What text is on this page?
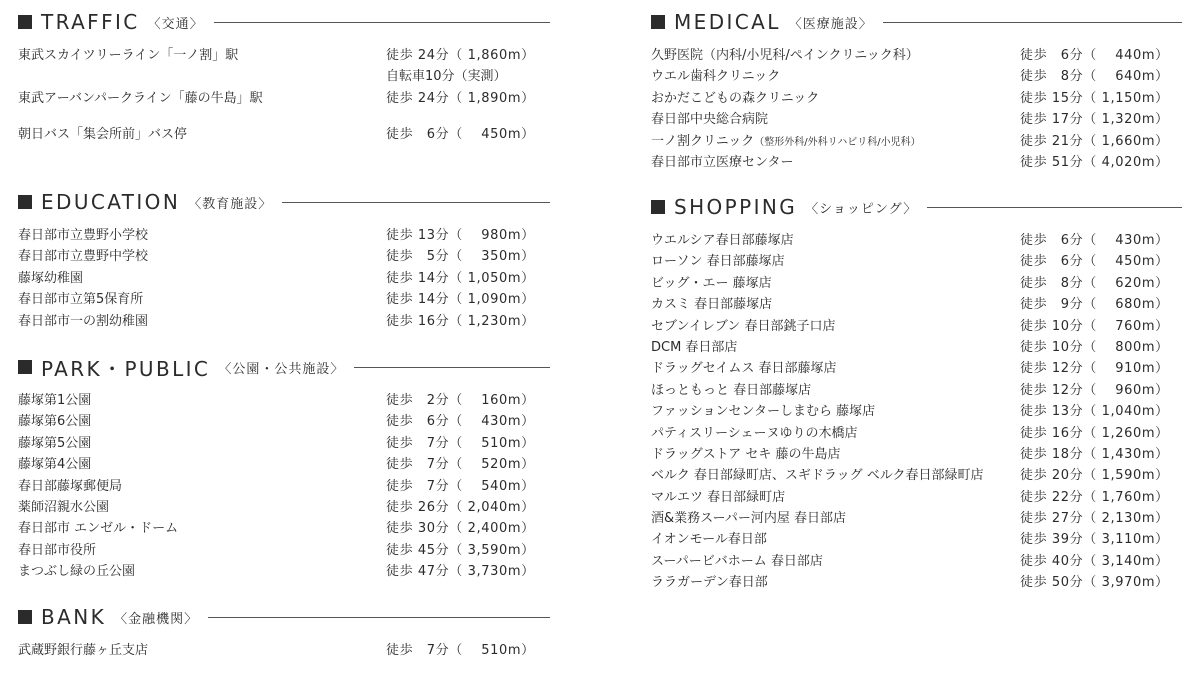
TRAFFIC 〈交通〉
東武スカイツリーライン「一ノ割」駅	徒歩 24分（ 1,860m）
自転車10分（実測）
東武アーバンパークライン「藤の牛島」駅	徒歩 24分（ 1,890m）
朝日バス「集会所前」バス停	徒歩　6分（　 450m）
EDUCATION 〈教育施設〉
春日部市立豊野小学校	徒歩 13分（　 980m）
春日部市立豊野中学校	徒歩　5分（　 350m）
藤塚幼稚園	徒歩 14分（ 1,050m）
春日部市立第5保育所	徒歩 14分（ 1,090m）
春日部市一の割幼稚園	徒歩 16分（ 1,230m）
PARK・PUBLIC 〈公園・公共施設〉
藤塚第1公園	徒歩　2分（　 160m）
藤塚第6公園	徒歩　6分（　 430m）
藤塚第5公園	徒歩　7分（　 510m）
藤塚第4公園	徒歩　7分（　 520m）
春日部藤塚郵便局	徒歩　7分（　 540m）
薬師沼親水公園	徒歩 26分（ 2,040m）
春日部市 エンゼル・ドーム	徒歩 30分（ 2,400m）
春日部市役所	徒歩 45分（ 3,590m）
まつぶし緑の丘公園	徒歩 47分（ 3,730m）
BANK 〈金融機関〉
武蔵野銀行藤ヶ丘支店	徒歩　7分（　 510m）
MEDICAL 〈医療施設〉
久野医院（内科/小児科/ペインクリニック科）	徒歩　6分（　 440m）
ウエル歯科クリニック	徒歩　8分（　 640m）
おかだこどもの森クリニック	徒歩 15分（ 1,150m）
春日部中央総合病院	徒歩 17分（ 1,320m）
一ノ割クリニック（整形外科/外科リハビリ科/小児科）	徒歩 21分（ 1,660m）
春日部市立医療センター	徒歩 51分（ 4,020m）
SHOPPING 〈ショッピング〉
ウエルシア春日部藤塚店	徒歩　6分（　 430m）
ローソン 春日部藤塚店	徒歩　6分（　 450m）
ビッグ・エー 藤塚店	徒歩　8分（　 620m）
カスミ 春日部藤塚店	徒歩　9分（　 680m）
セブンイレブン 春日部銚子口店	徒歩 10分（　 760m）
DCM 春日部店	徒歩 10分（　 800m）
ドラッグセイムス 春日部藤塚店	徒歩 12分（　 910m）
ほっともっと 春日部藤塚店	徒歩 12分（　 960m）
ファッションセンターしまむら 藤塚店	徒歩 13分（ 1,040m）
パティスリーシェーヌゆりの木橋店	徒歩 16分（ 1,260m）
ドラッグストア セキ 藤の牛島店	徒歩 18分（ 1,430m）
ベルク 春日部緑町店、スギドラッグ ベルク春日部緑町店	徒歩 20分（ 1,590m）
マルエツ 春日部緑町店	徒歩 22分（ 1,760m）
酒&業務スーパー河内屋 春日部店	徒歩 27分（ 2,130m）
イオンモール春日部	徒歩 39分（ 3,110m）
スーパービバホーム 春日部店	徒歩 40分（ 3,140m）
ララガーデン春日部	徒歩 50分（ 3,970m）
